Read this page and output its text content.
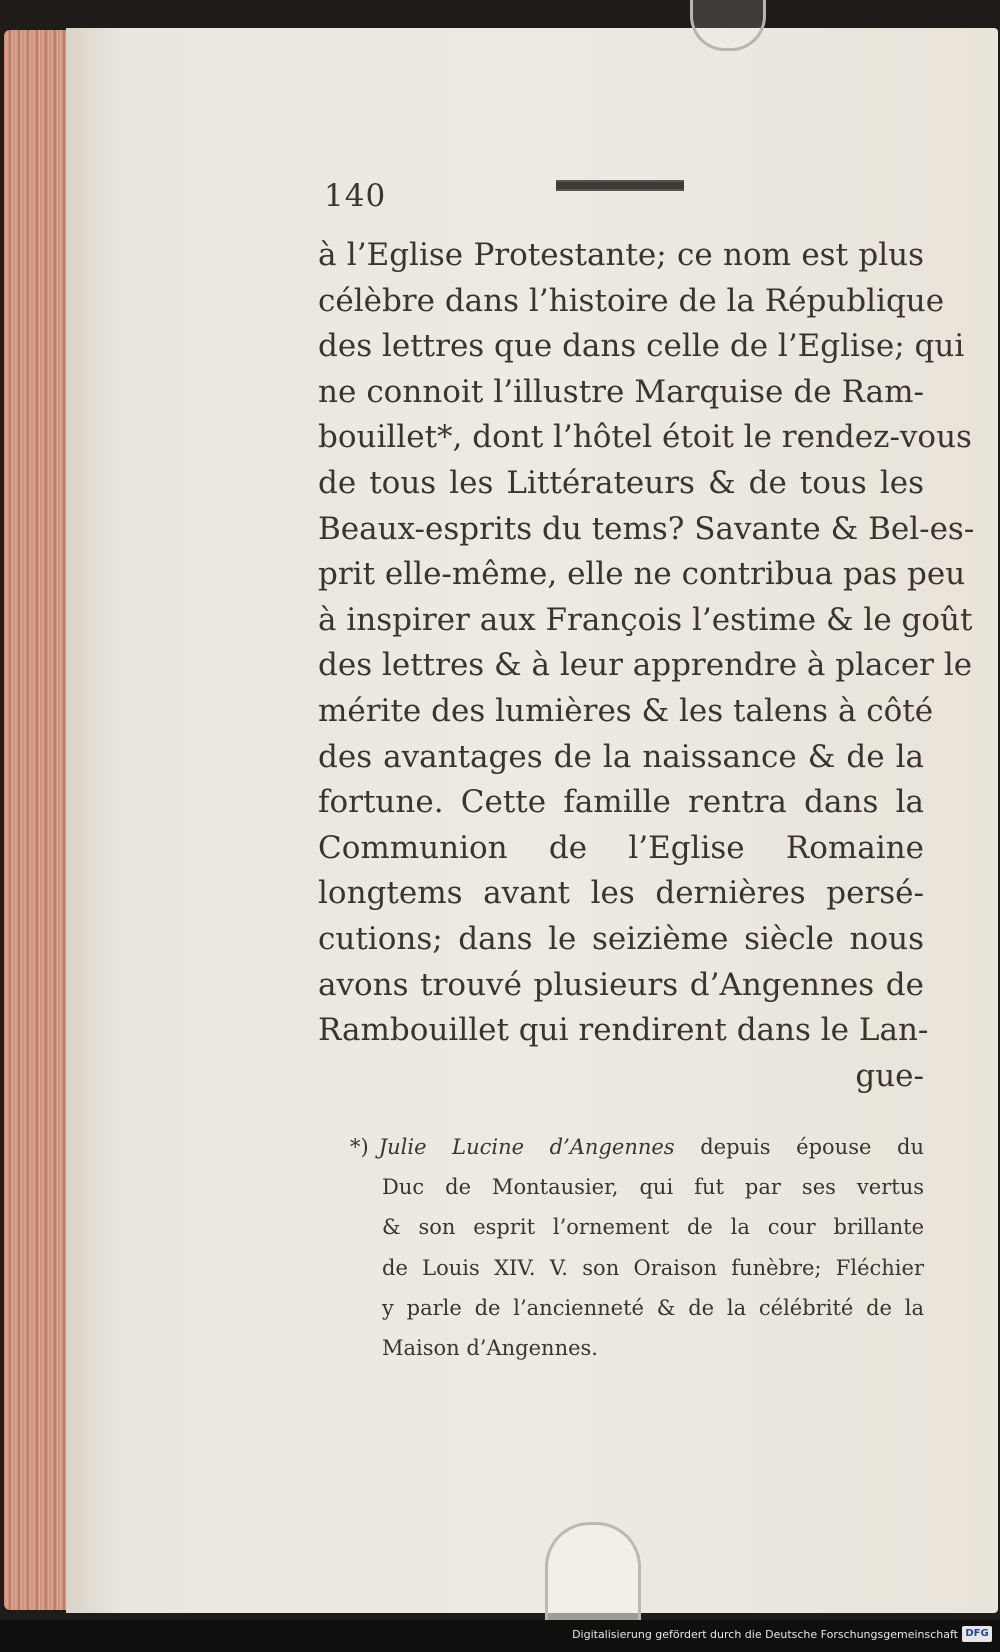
140
à l’Eglise Protestante; ce nom est plus
célèbre dans l’histoire de la République
des lettres que dans celle de l’Eglise; qui
ne connoit l’illustre Marquise de Ram-
bouillet*, dont l’hôtel étoit le rendez-vous
de tous les Littérateurs & de tous les
Beaux-esprits du tems? Savante & Bel-es-
prit elle-même, elle ne contribua pas peu
à inspirer aux François l’estime & le goût
des lettres & à leur apprendre à placer le
mérite des lumières & les talens à côté
des avantages de la naissance & de la
fortune. Cette famille rentra dans la
Communion de l’Eglise Romaine
longtems avant les dernières persé-
cutions; dans le seizième siècle nous
avons trouvé plusieurs d’Angennes de
Rambouillet qui rendirent dans le Lan-
gue-
*) Julie Lucine d’Angennes depuis épouse du
Duc de Montausier, qui fut par ses vertus
& son esprit l’ornement de la cour brillante
de Louis XIV. V. son Oraison funèbre; Fléchier
y parle de l’ancienneté & de la célébrité de la
Maison d’Angennes.
Digitalisierung gefördert durch die Deutsche Forschungsgemeinschaft DFG
